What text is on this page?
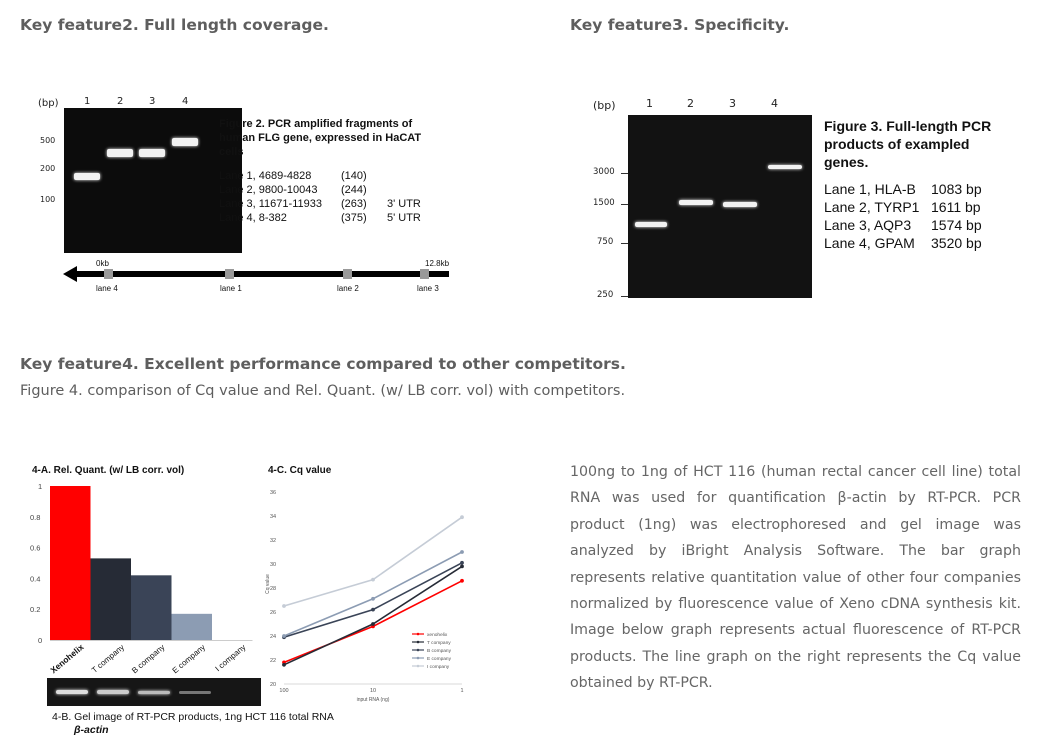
Key feature2. Full length coverage.	Key feature3. Specificity.
Key feature4. Excellent performance compared to other competitors.
Figure 4. comparison of Cq value and Rel. Quant. (w/ LB corr. vol) with competitors.
(bp)	1	2	3	4
500
200
100
Figure 2. PCR amplified fragments of
human FLG gene, expressed in HaCAT
cells
Lane 1, 4689-4828	(140)
Lane 2, 9800-10043	(244)
Lane 3, 11671-11933	(263)	3' UTR
Lane 4, 8-382	(375)	5' UTR
0kb	12.8kb
lane 4	lane 1	lane 2	lane 3
(bp)	1	2	3	4
3000
1500
750
250
Figure 3. Full-length PCR
products of exampled
genes.
Lane 1, HLA-B	1083 bp
Lane 2, TYRP1 1611 bp
Lane 3, AQP3	1574 bp
Lane 4, GPAM	3520 bp
4-A. Rel. Quant. (w/ LB corr. vol)
1
0.8
0.6
0.4
0.2
0
Xenohelix T company B company E company I company
4-B. Gel image of RT-PCR products, 1ng HCT 116 total RNA
β-actin
4-C. Cq value
Cq value
36
34
32
30
28
26
24
22
20
100	10	1
input RNA (ng)
xenohelix
T company
B company
E company
I company
100ng to 1ng of HCT 116 (human rectal cancer cell line) total RNA was used for quantification β-actin by RT-PCR. PCR product (1ng) was electrophoresed and gel image was analyzed by iBright Analysis Software. The bar graph represents relative quantitation value of other four companies normalized by fluorescence value of Xeno cDNA synthesis kit. Image below graph represents actual fluorescence of RT-PCR products. The line graph on the right represents the Cq value obtained by RT-PCR.
